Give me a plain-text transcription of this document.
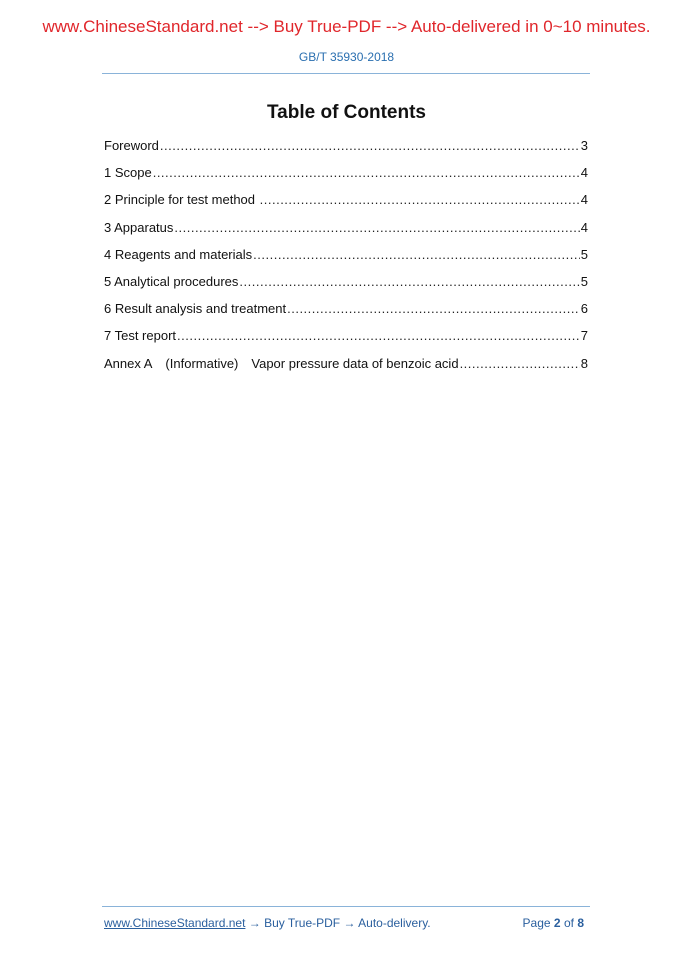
www.ChineseStandard.net --> Buy True-PDF --> Auto-delivered in 0~10 minutes.
GB/T 35930-2018
Table of Contents
Foreword .....	3
1 Scope .....	4
2 Principle for test method .....	4
3 Apparatus .....	4
4 Reagents and materials .....	5
5 Analytical procedures .....	5
6 Result analysis and treatment .....	6
7 Test report .....	7
Annex A (Informative) Vapor pressure data of benzoic acid .....	8
www.ChineseStandard.net → Buy True-PDF → Auto-delivery.	Page 2 of 8
